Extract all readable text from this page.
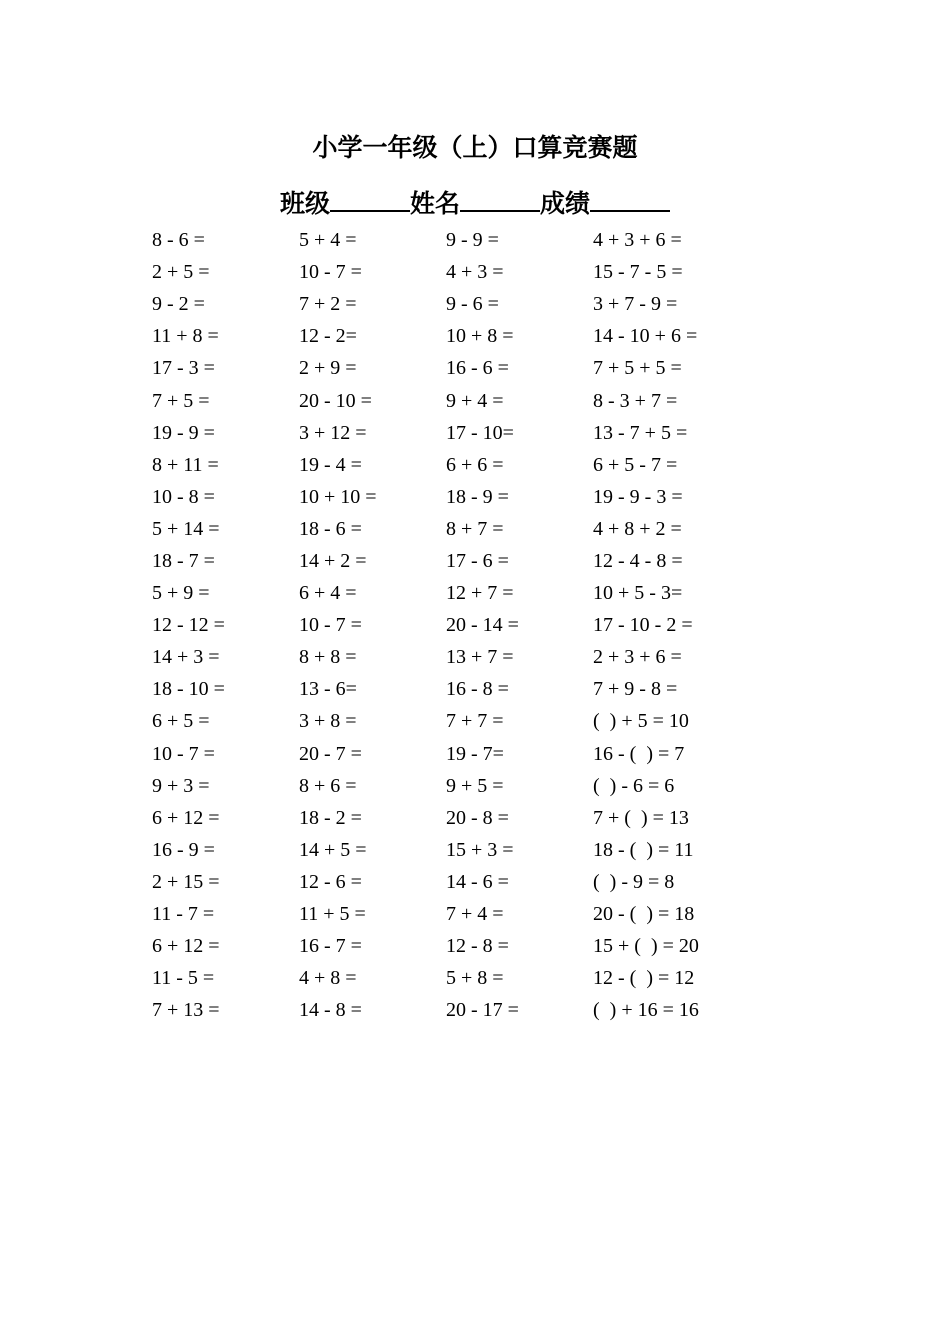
小学一年级（上）口算竞赛题
班级	姓名	成绩
8 - 6 =	5 + 4 =	9 - 9 =	4 + 3 + 6 =
2 + 5 =	10 - 7 =	4 + 3 =	15 - 7 - 5 =
9 - 2 =	7 + 2 =	9 - 6 =	3 + 7 - 9 =
11 + 8 =	12 - 2=	10 + 8 =	14 - 10 + 6 =
17 - 3 =	2 + 9 =	16 - 6 =	7 + 5 + 5 =
7 + 5 =	20 - 10 =	9 + 4 =	8 - 3 + 7 =
19 - 9 =	3 + 12 =	17 - 10=	13 - 7 + 5 =
8 + 11 =	19 - 4 =	6 + 6 =	6 + 5 - 7 =
10 - 8 =	10 + 10 =	18 - 9 =	19 - 9 - 3 =
5 + 14 =	18 - 6 =	8 + 7 =	4 + 8 + 2 =
18 - 7 =	14 + 2 =	17 - 6 =	12 - 4 - 8 =
5 + 9 =	6 + 4 =	12 + 7 =	10 + 5 - 3=
12 - 12 =	10 - 7 =	20 - 14 =	17 - 10 - 2 =
14 + 3 =	8 + 8 =	13 + 7 =	2 + 3 + 6 =
18 - 10 =	13 - 6=	16 - 8 =	7 + 9 - 8 =
6 + 5 =	3 + 8 =	7 + 7 =	(  ) + 5 = 10
10 - 7 =	20 - 7 =	19 - 7=	16 - (  ) = 7
9 + 3 =	8 + 6 =	9 + 5 =	(  ) - 6 = 6
6 + 12 =	18 - 2 =	20 - 8 =	7 + (  ) = 13
16 - 9 =	14 + 5 =	15 + 3 =	18 - (  ) = 11
2 + 15 =	12 - 6 =	14 - 6 =	(  ) - 9 = 8
11 - 7 =	11 + 5 =	7 + 4 =	20 - (  ) = 18
6 + 12 =	16 - 7 =	12 - 8 =	15 + (  ) = 20
11 - 5 =	4 + 8 =	5 + 8 =	12 - (  ) = 12
7 + 13 =	14 - 8 =	20 - 17 =	(  ) + 16 = 16
